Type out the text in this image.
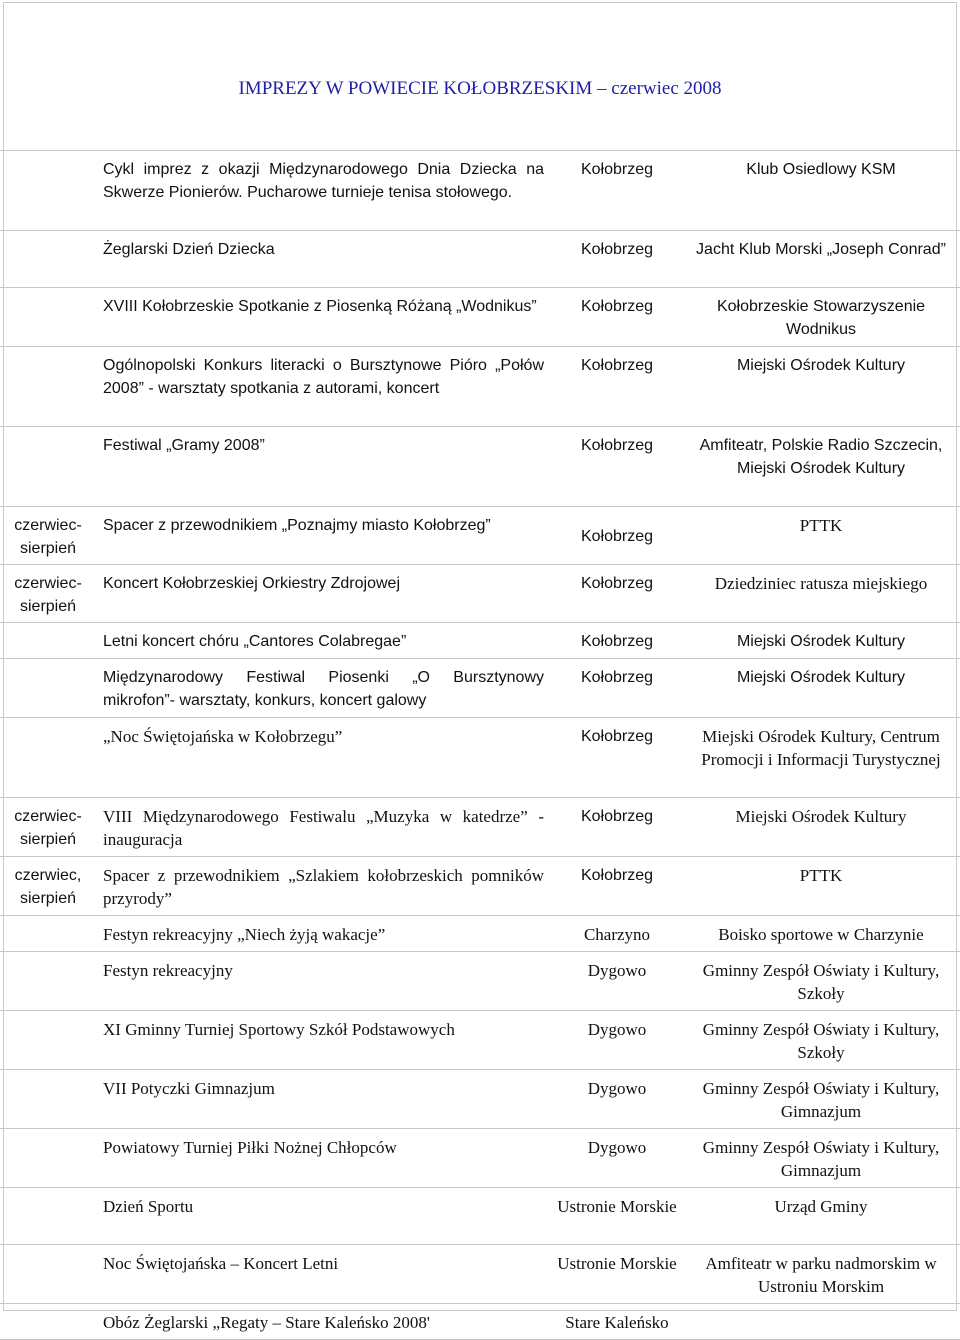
IMPREZY W POWIECIE KOŁOBRZESKIM – czerwiec 2008
	Cykl imprez z okazji Międzynarodowego Dnia Dziecka na Skwerze Pionierów. Pucharowe turnieje tenisa stołowego.	Kołobrzeg	Klub Osiedlowy KSM
	Żeglarski Dzień Dziecka	Kołobrzeg	Jacht Klub Morski „Joseph Conrad”
	XVIII Kołobrzeskie Spotkanie z Piosenką Różaną „Wodnikus”	Kołobrzeg	Kołobrzeskie Stowarzyszenie Wodnikus
	Ogólnopolski Konkurs literacki o Bursztynowe Pióro „Połów 2008” - warsztaty spotkania z autorami, koncert	Kołobrzeg	Miejski Ośrodek Kultury
	Festiwal „Gramy 2008”	Kołobrzeg	Amfiteatr, Polskie Radio Szczecin, Miejski Ośrodek Kultury
czerwiec-sierpień	Spacer z przewodnikiem „Poznajmy miasto Kołobrzeg”	Kołobrzeg	PTTK
czerwiec-sierpień	Koncert Kołobrzeskiej Orkiestry Zdrojowej	Kołobrzeg	Dziedziniec ratusza miejskiego
	Letni koncert chóru „Cantores Colabregae”	Kołobrzeg	Miejski Ośrodek Kultury
	Międzynarodowy Festiwal Piosenki „O Bursztynowy mikrofon”- warsztaty, konkurs, koncert galowy	Kołobrzeg	Miejski Ośrodek Kultury
	„Noc Świętojańska w Kołobrzegu”	Kołobrzeg	Miejski Ośrodek Kultury, Centrum Promocji i Informacji Turystycznej
czerwiec-sierpień	VIII Międzynarodowego Festiwalu „Muzyka w katedrze” - inauguracja	Kołobrzeg	Miejski Ośrodek Kultury
czerwiec, sierpień	Spacer z przewodnikiem „Szlakiem kołobrzeskich pomników przyrody”	Kołobrzeg	PTTK
	Festyn rekreacyjny „Niech żyją wakacje”	Charzyno	Boisko sportowe w Charzynie
	Festyn rekreacyjny	Dygowo	Gminny Zespół Oświaty i Kultury, Szkoły
	XI Gminny Turniej Sportowy Szkół Podstawowych	Dygowo	Gminny Zespół Oświaty i Kultury, Szkoły
	VII Potyczki Gimnazjum	Dygowo	Gminny Zespół Oświaty i Kultury, Gimnazjum
	Powiatowy Turniej Piłki Nożnej Chłopców	Dygowo	Gminny Zespół Oświaty i Kultury, Gimnazjum
	Dzień Sportu	Ustronie Morskie	Urząd Gminy
	Noc Świętojańska – Koncert Letni	Ustronie Morskie	Amfiteatr w parku nadmorskim w Ustroniu Morskim
	Obóz Żeglarski „Regaty – Stare Kaleńsko 2008'	Stare Kaleńsko	
